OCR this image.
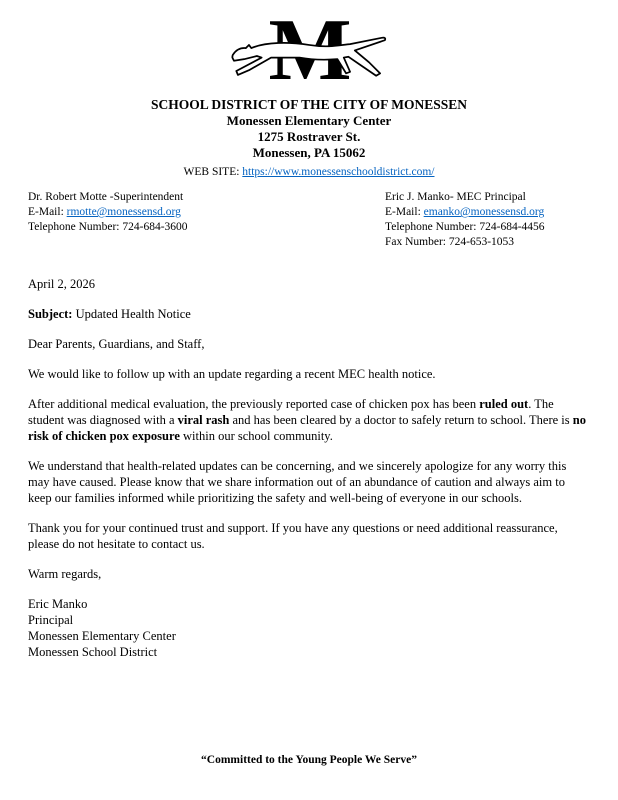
SCHOOL DISTRICT OF THE CITY OF MONESSEN
Monessen Elementary Center
1275 Rostraver St.
Monessen, PA 15062
WEB SITE: https://www.monessenschooldistrict.com/
Dr. Robert Motte -Superintendent
E-Mail: rmotte@monessensd.org
Telephone Number: 724-684-3600
Eric J. Manko- MEC Principal
E-Mail: emanko@monessensd.org
Telephone Number: 724-684-4456
Fax Number: 724-653-1053

April 2, 2026

Subject: Updated Health Notice

Dear Parents, Guardians, and Staff,

We would like to follow up with an update regarding a recent MEC health notice.

After additional medical evaluation, the previously reported case of chicken pox has been ruled out. The student was diagnosed with a viral rash and has been cleared by a doctor to safely return to school. There is no risk of chicken pox exposure within our school community.

We understand that health-related updates can be concerning, and we sincerely apologize for any worry this may have caused. Please know that we share information out of an abundance of caution and always aim to keep our families informed while prioritizing the safety and well-being of everyone in our schools.

Thank you for your continued trust and support. If you have any questions or need additional reassurance, please do not hesitate to contact us.

Warm regards,

Eric Manko
Principal

Monessen Elementary Center
Monessen School District

“Committed to the Young People We Serve”
